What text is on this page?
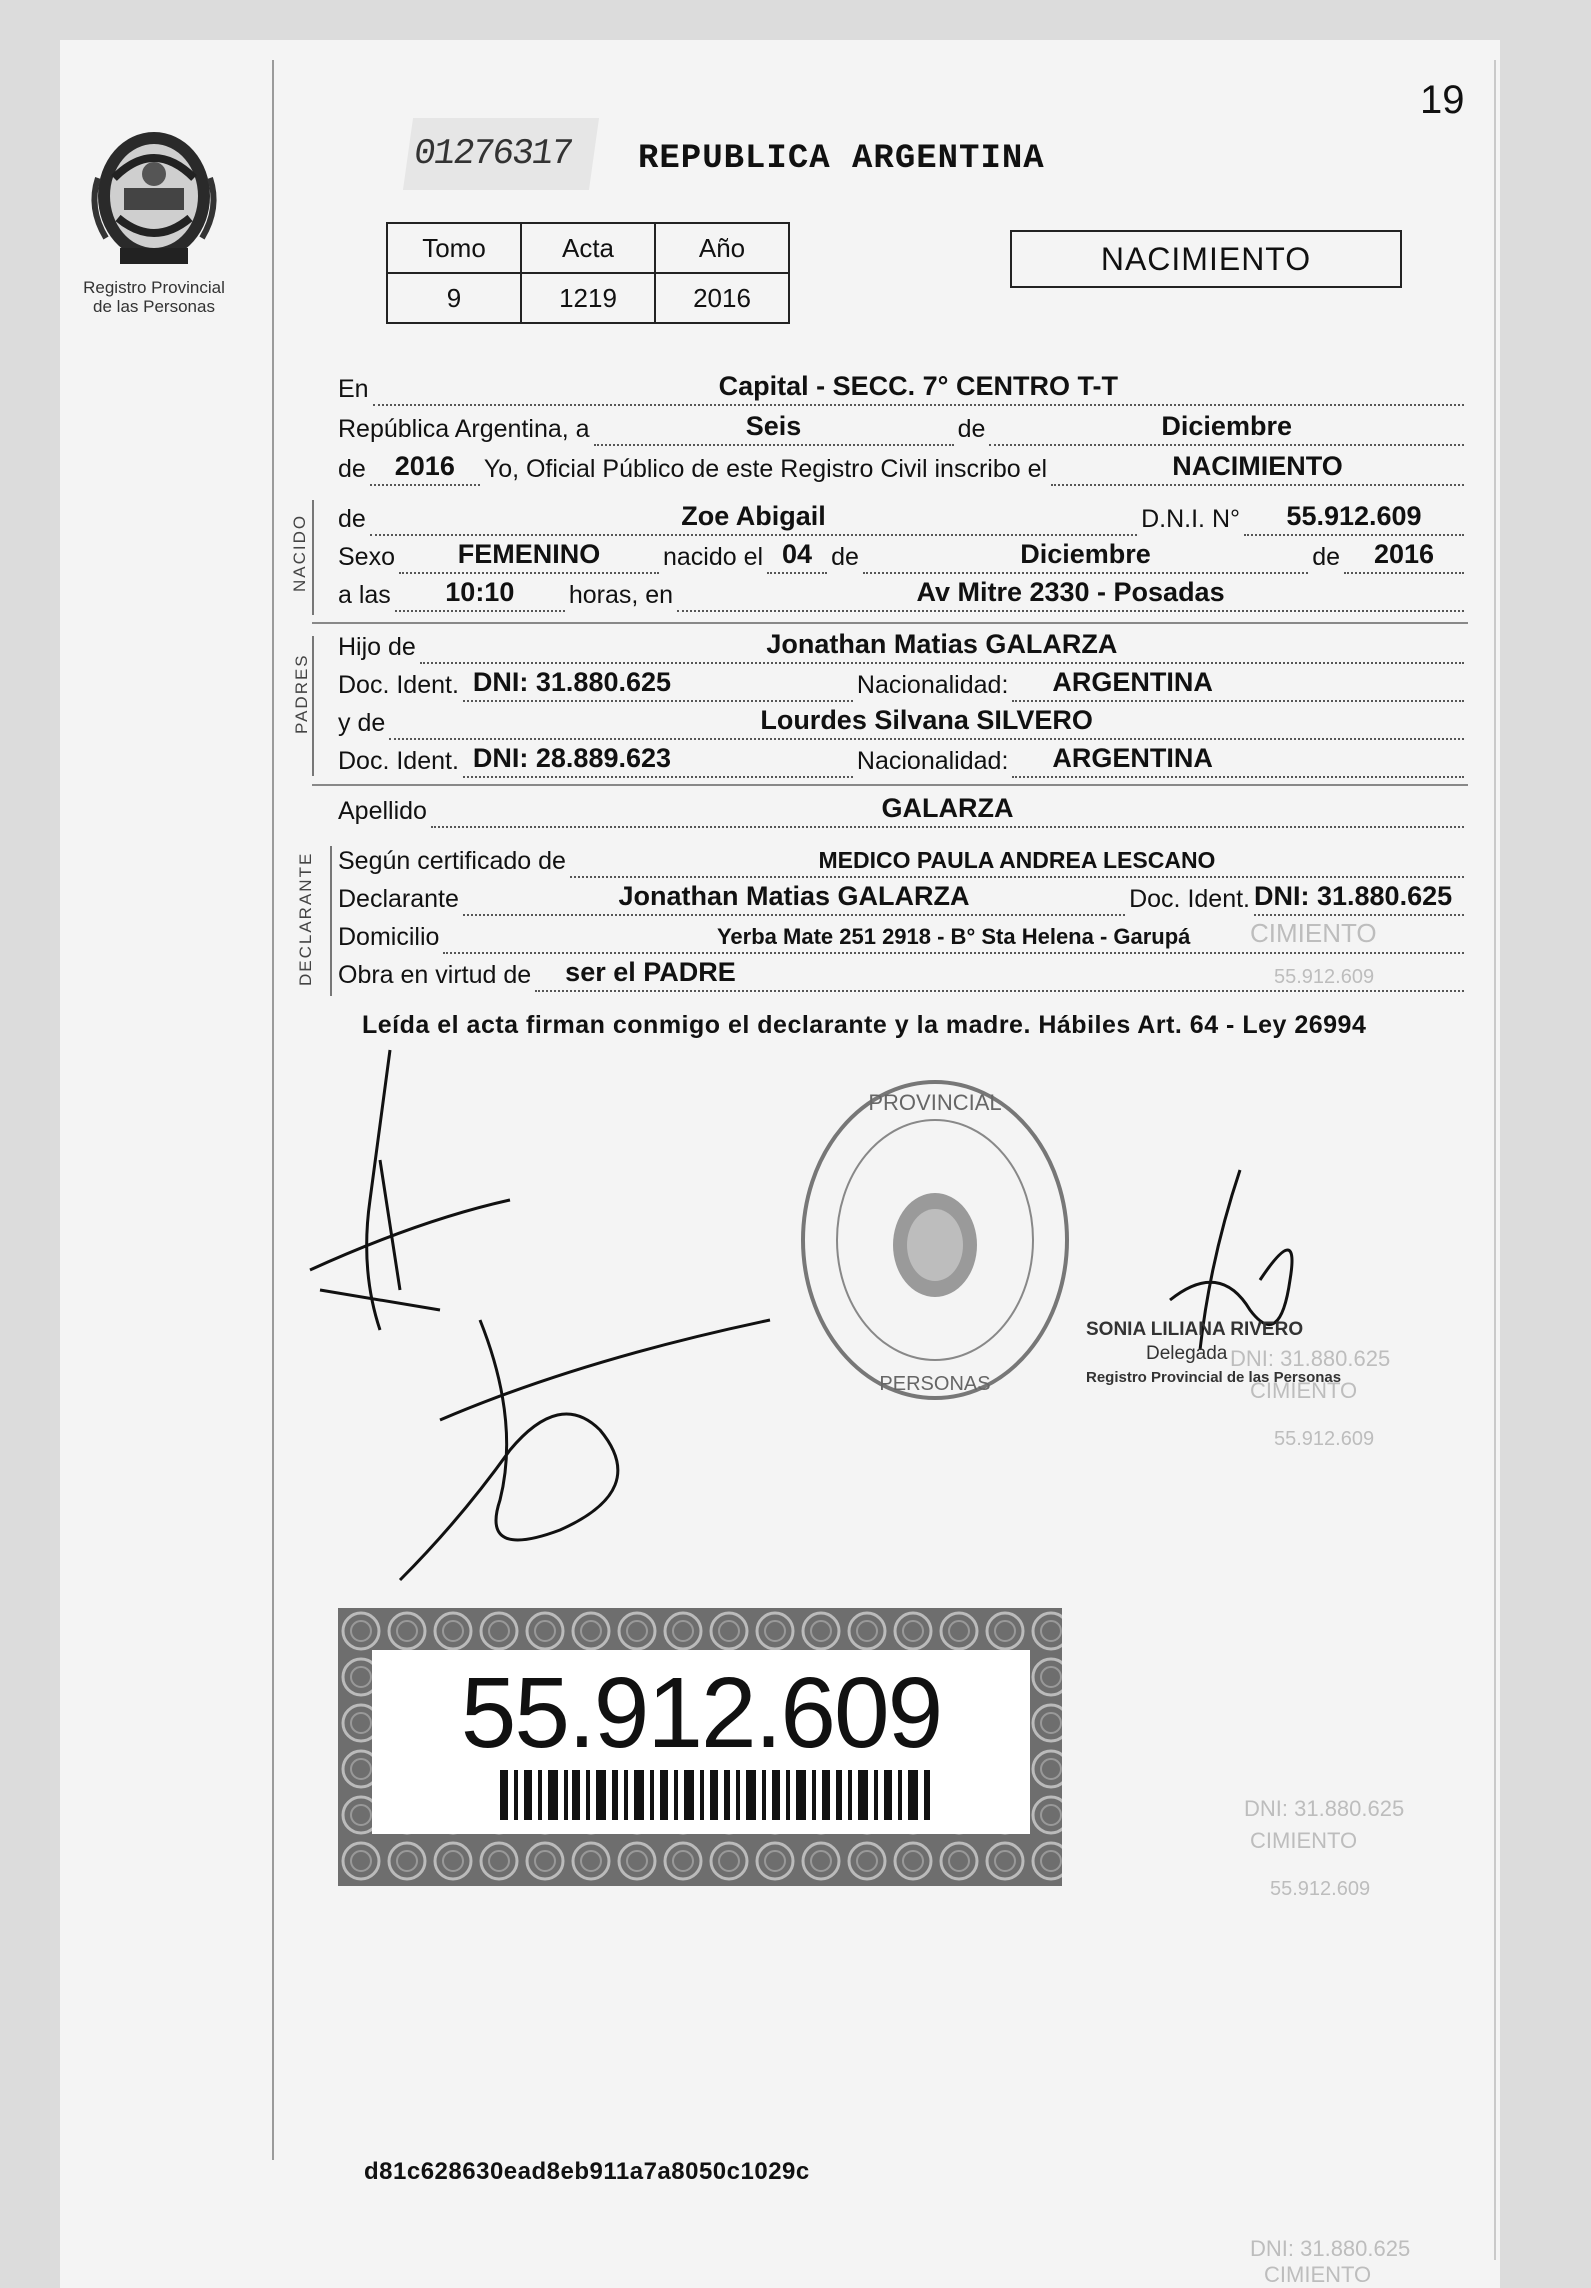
CIMIENTO
55.912.609
DNI: 31.880.625
CIMIENTO
55.912.609
DNI: 31.880.625
CIMIENTO
55.912.609
DNI: 31.880.625
CIMIENTO
Registro Provincial
de las Personas
01276317	REPUBLICA ARGENTINA
19
Tomo	Acta	Año
9	1219	2016
NACIMIENTO
En	Capital - SECC. 7° CENTRO T-T
República Argentina, a	Seis	de	Diciembre
de	2016	Yo, Oficial Público de este Registro Civil inscribo el	NACIMIENTO
NACIDO de	Zoe Abigail	D.N.I. N°	55.912.609
Sexo	FEMENINO	nacido el 04 de	Diciembre	de	2016
a las	10:10	horas, en	Av Mitre 2330 - Posadas
PADRES
Hijo de	Jonathan Matias GALARZA
Doc. Ident. DNI: 31.880.625	Nacionalidad: ARGENTINA
y de	Lourdes Silvana SILVERO
Doc. Ident. DNI: 28.889.623	Nacionalidad: ARGENTINA
Apellido	GALARZA
DECLARANTE Según certificado de	MEDICO PAULA ANDREA LESCANO
Declarante	Jonathan Matias GALARZA	Doc. Ident. DNI: 31.880.625
Domicilio	Yerba Mate 251 2918 - B° Sta Helena - Garupá
Obra en virtud de ser el PADRE
Leída el acta firman conmigo el declarante y la madre. Hábiles Art. 64 - Ley 26994
PROVINCIAL
PERSONAS
SONIA LILIANA RIVERO
Delegada
Registro Provincial de las Personas
55.912.609
d81c628630ead8eb911a7a8050c1029c
